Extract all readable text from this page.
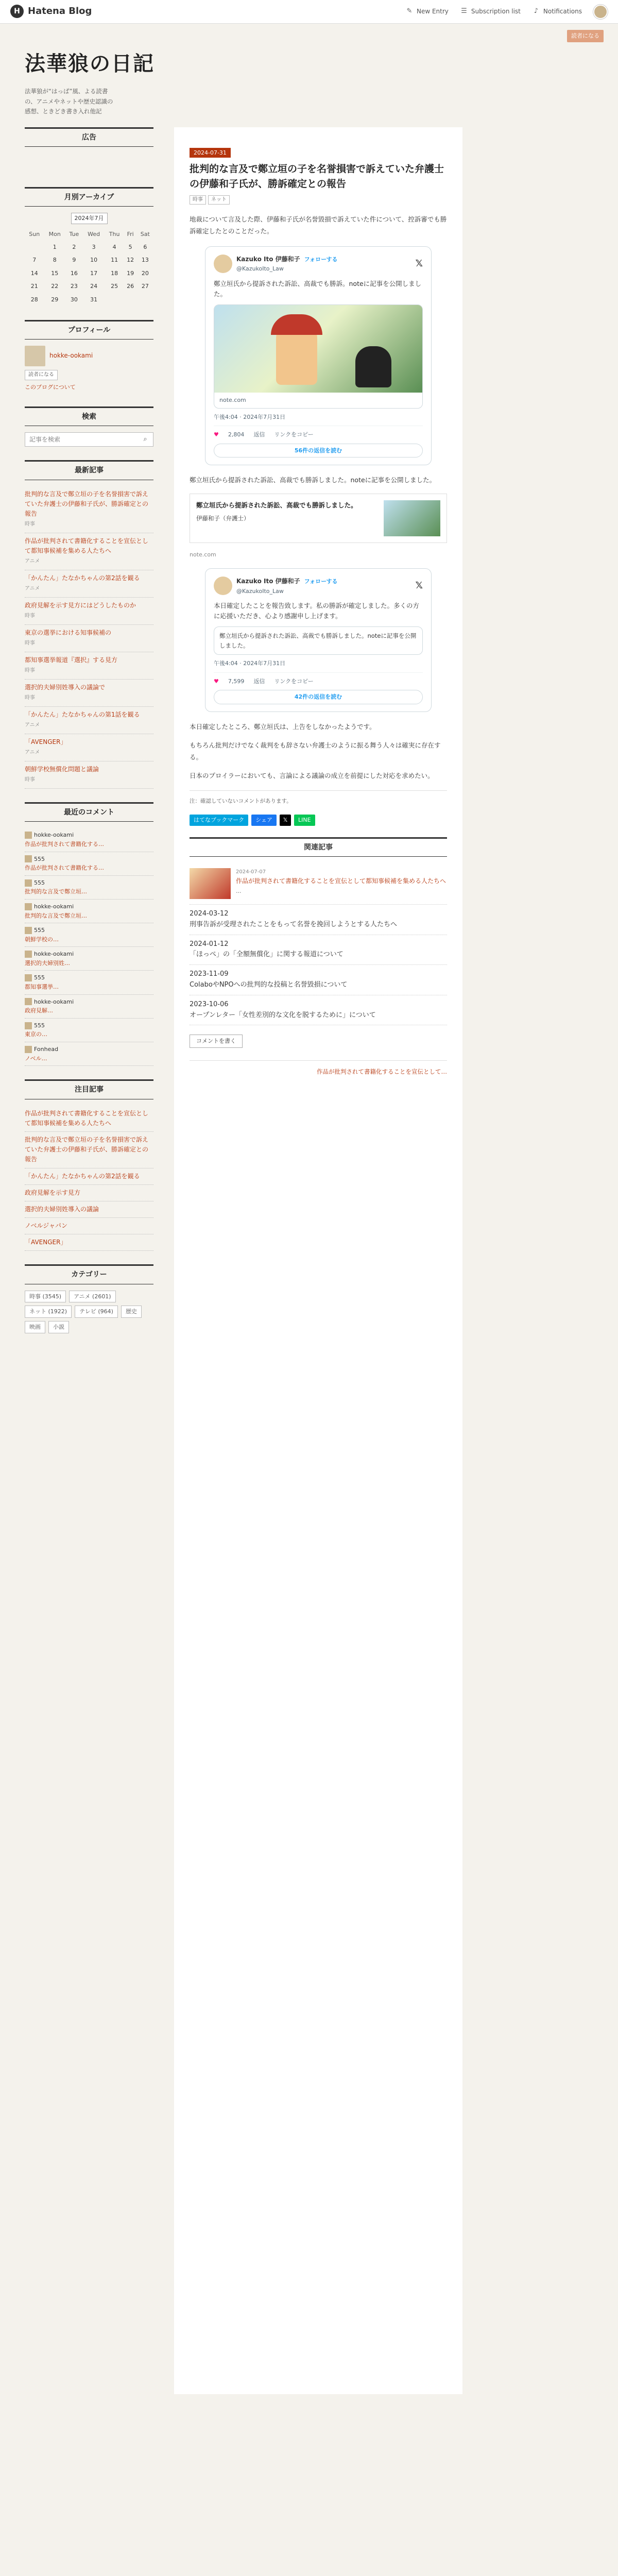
H Hatena Blog	✎ New Entry ☰ Subscription list ♪ Notifications
読者になる
法華狼の日記
法華狼が“はっぱ”風、よる読書の、アニメやネットや歴史認識の感想、ときどき書き入れ他記
広告
月別アーカイブ
2024年7月
Sun	Mon	Tue	Wed	Thu	Fri	Sat
	1	2	3	4	5	6
7	8	9	10	11	12	13
14	15	16	17	18	19	20
21	22	23	24	25	26	27
28	29	30	31			
プロフィール
hokke-ookami
読者になる
このブログについて
検索
記事を検索
⌕
最新記事
批判的な言及で鄭立垣の子を名誉損害で訴えていた弁護士の伊藤和子氏が、勝訴確定との報告
時事
作品が批判されて書籍化することを宣伝として都知事候補を集める人たちへ
アニメ
「かんたん」たなかちゃんの第2話を観る
アニメ
政府見解を示す見方にはどうしたものか
時事
東京の選挙における知事候補の
時事
都知事選挙報道『選択』する見方
時事
選択的夫婦別姓導入の議論で
時事
「かんたん」たなかちゃんの第1話を観る
アニメ
「AVENGER」
アニメ
朝鮮学校無償化問題と議論
時事
最近のコメント
hokke-ookami
作品が批判されて書籍化する…
555
作品が批判されて書籍化する…
555
批判的な言及で鄭立垣…
hokke-ookami
批判的な言及で鄭立垣…
555
朝鮮学校の…
hokke-ookami
選択的夫婦別姓…
555
都知事選挙…
hokke-ookami
政府見解…
555
東京の…
Fonhead
ノベル…
注目記事
作品が批判されて書籍化することを宣伝として都知事候補を集める人たちへ
批判的な言及で鄭立垣の子を名誉損害で訴えていた弁護士の伊藤和子氏が、勝訴確定との報告
「かんたん」たなかちゃんの第2話を観る
政府見解を示す見方
選択的夫婦別姓導入の議論
ノベルジャパン
「AVENGER」
カテゴリー
時事 (3545)	アニメ (2601)
ネット (1922)	テレビ (964)	歴史
映画	小説
2024-07-31
批判的な言及で鄭立垣の子を名誉損害で訴えていた弁護士の伊藤和子氏が、勝訴確定との報告
時事	ネット

地裁について言及した際、伊藤和子氏が名誉毀損で訴えていた件について、控訴審でも勝訴確定したとのことだった。

Kazuko Ito 伊藤和子 フォローする
@KazukoIto_Law
𝕏
鄭立垣氏から提訴された訴訟、高裁でも勝訴。noteに記事を公開しました。
note.com
午後4:04 · 2024年7月31日
♥ 2,804 返信 リンクをコピー
56件の返信を読む

鄭立垣氏から提訴された訴訟、高裁でも勝訴しました。noteに記事を公開しました。

鄭立垣氏から提訴された訴訟、高裁でも勝訴しました。
伊藤和子（弁護士）
note.com
Kazuko Ito 伊藤和子 フォローする
@KazukoIto_Law
𝕏
本日確定したことを報告致します。私の勝訴が確定しました。多くの方に応援いただき、心より感謝申し上げます。
鄭立垣氏から提訴された訴訟、高裁でも勝訴しました。noteに記事を公開しました。
午後4:04 · 2024年7月31日
♥ 7,599 返信 リンクをコピー
42件の返信を読む

本日確定したところ、鄭立垣氏は、上告をしなかったようです。

もちろん批判だけでなく裁判をも辞さない弁護士のように振る舞う人々は確実に存在する。

日本のプロイラーにおいても、言論による議論の成立を前提にした対応を求めたい。

注：確認していないコメントがあります。
はてなブックマーク	シェア	𝕏	LINE
関連記事
2024-07-07
作品が批判されて書籍化することを宣伝として都知事候補を集める人たちへ
…
2024-03-12
刑事告訴が受理されたことをもって名誉を挽回しようとする人たちへ
2024-01-12
「ほっぺ」の「全額無償化」に関する報道について
2023-11-09
ColaboやNPOへの批判的な投稿と名誉毀損について
2023-10-06
オープンレター「女性差別的な文化を脱するために」について
コメントを書く
作品が批判されて書籍化することを宣伝として…
